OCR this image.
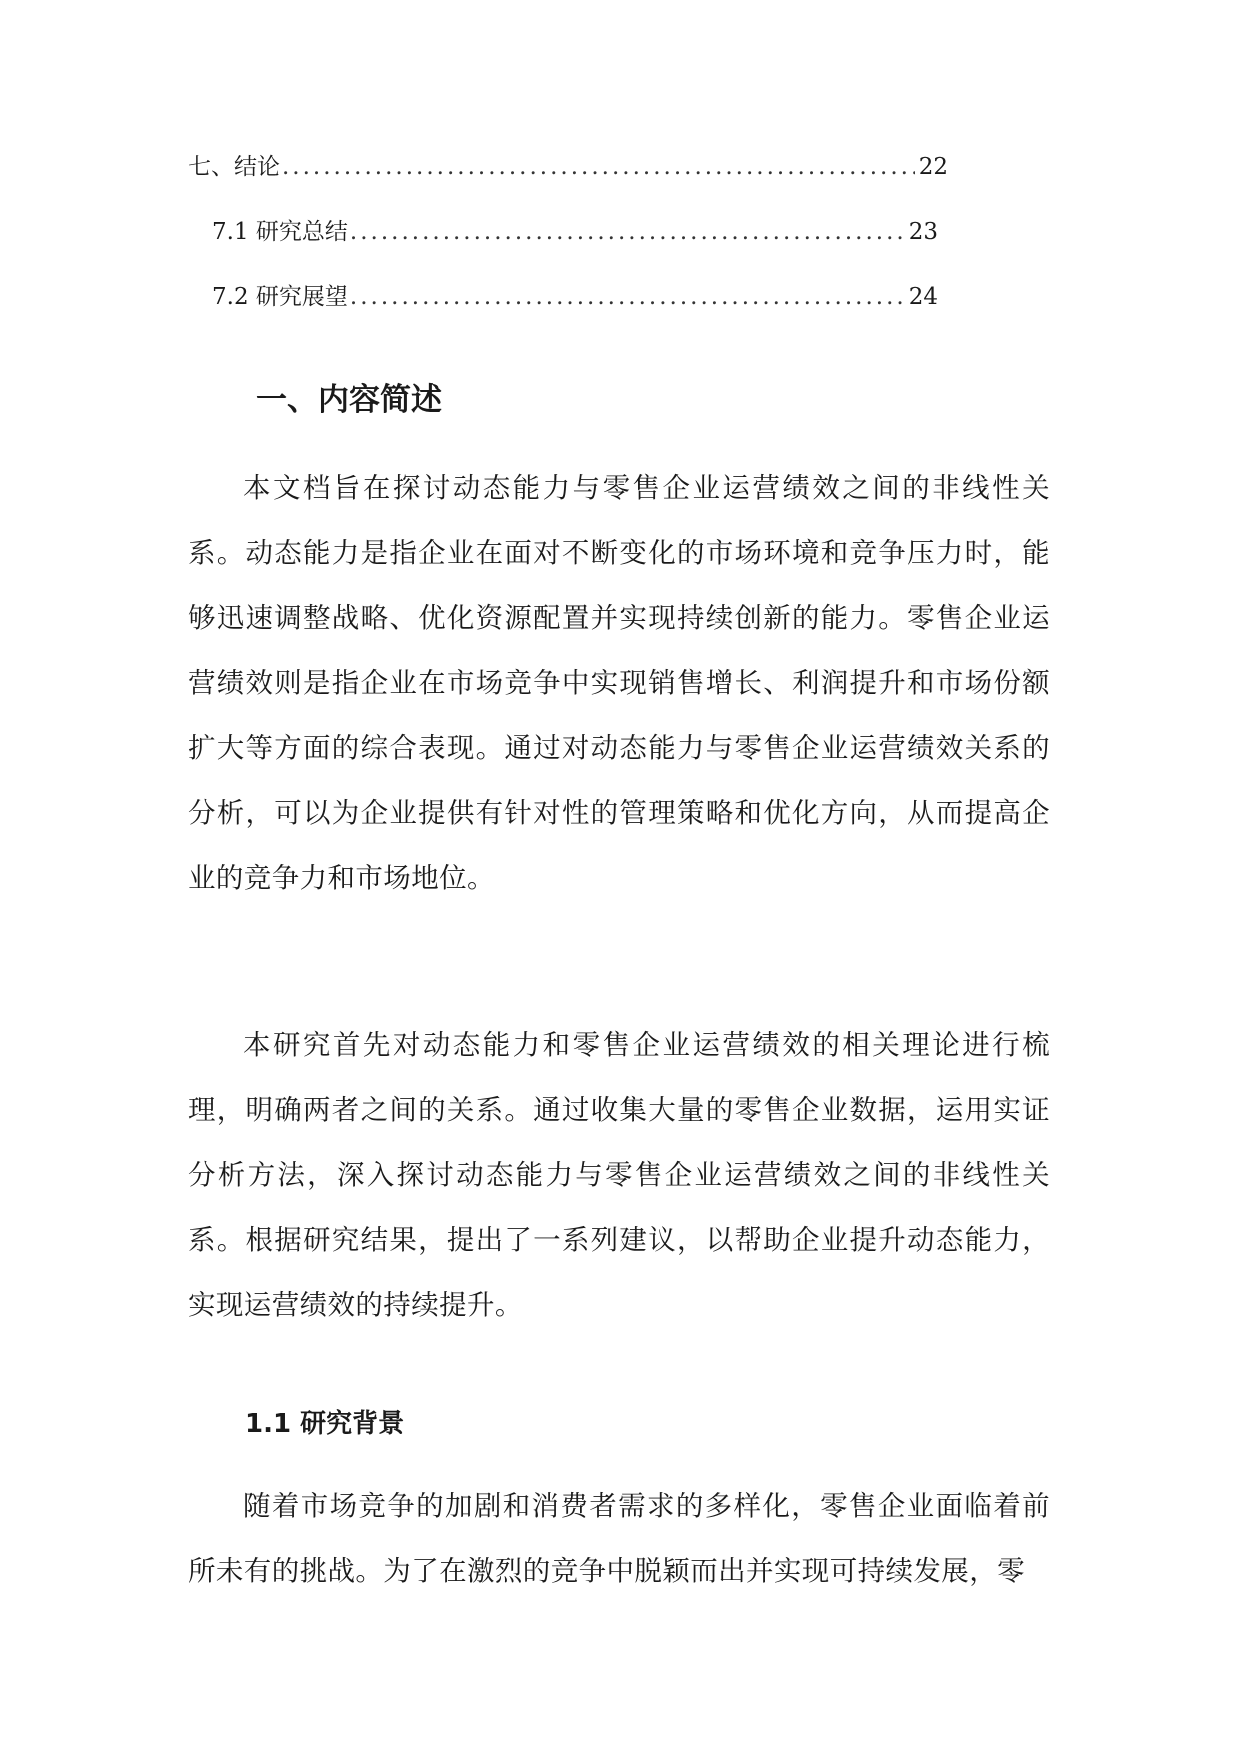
七、结论 .....	22
7.1 研究总结 .....	23
7.2 研究展望 .....	24
一、内容简述

本文档旨在探讨动态能力与零售企业运营绩效之间的非线性关系。动态能力是指企业在面对不断变化的市场环境和竞争压力时，能够迅速调整战略、优化资源配置并实现持续创新的能力。零售企业运营绩效则是指企业在市场竞争中实现销售增长、利润提升和市场份额扩大等方面的综合表现。通过对动态能力与零售企业运营绩效关系的分析，可以为企业提供有针对性的管理策略和优化方向，从而提高企业的竞争力和市场地位。

本研究首先对动态能力和零售企业运营绩效的相关理论进行梳理，明确两者之间的关系。通过收集大量的零售企业数据，运用实证分析方法，深入探讨动态能力与零售企业运营绩效之间的非线性关系。根据研究结果，提出了一系列建议，以帮助企业提升动态能力，实现运营绩效的持续提升。

1.1 研究背景

随着市场竞争的加剧和消费者需求的多样化，零售企业面临着前所未有的挑战。为了在激烈的竞争中脱颖而出并实现可持续发展，零
